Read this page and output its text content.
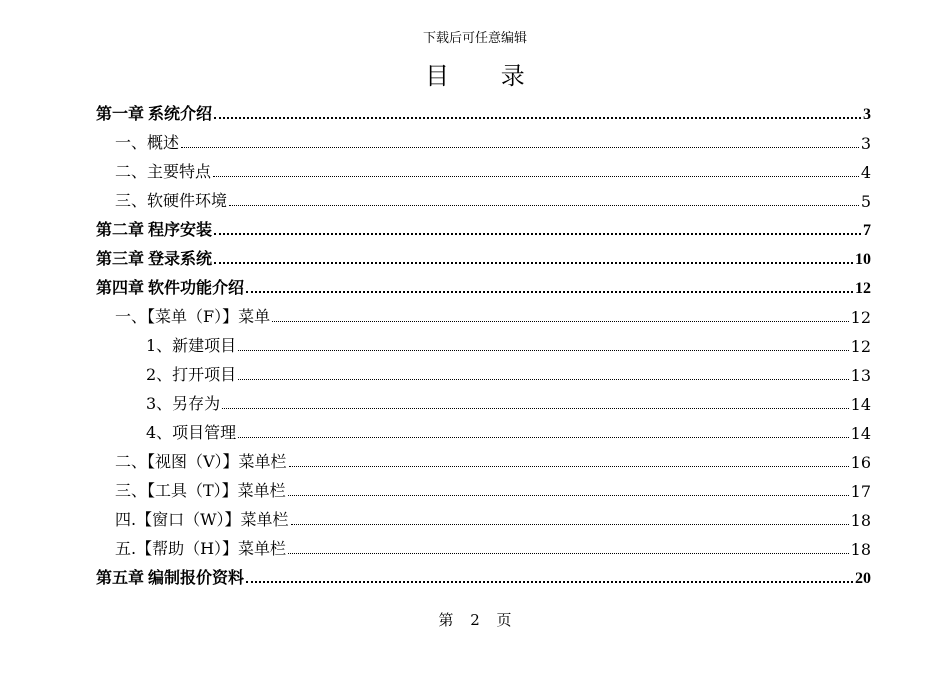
下载后可任意编辑
目 录
第一章 系统介绍	3
一、概述	3
二、主要特点	4
三、软硬件环境	5
第二章 程序安装	7
第三章 登录系统	10
第四章 软件功能介绍	12
一、【菜单（F）】菜单	12
1、新建项目	12
2、打开项目	13
3、另存为	14
4、项目管理	14
二、【视图（V）】菜单栏	16
三、【工具（T）】菜单栏	17
四.【窗口（W）】菜单栏	18
五.【帮助（H）】菜单栏	18
第五章 编制报价资料	20
第 2 页
